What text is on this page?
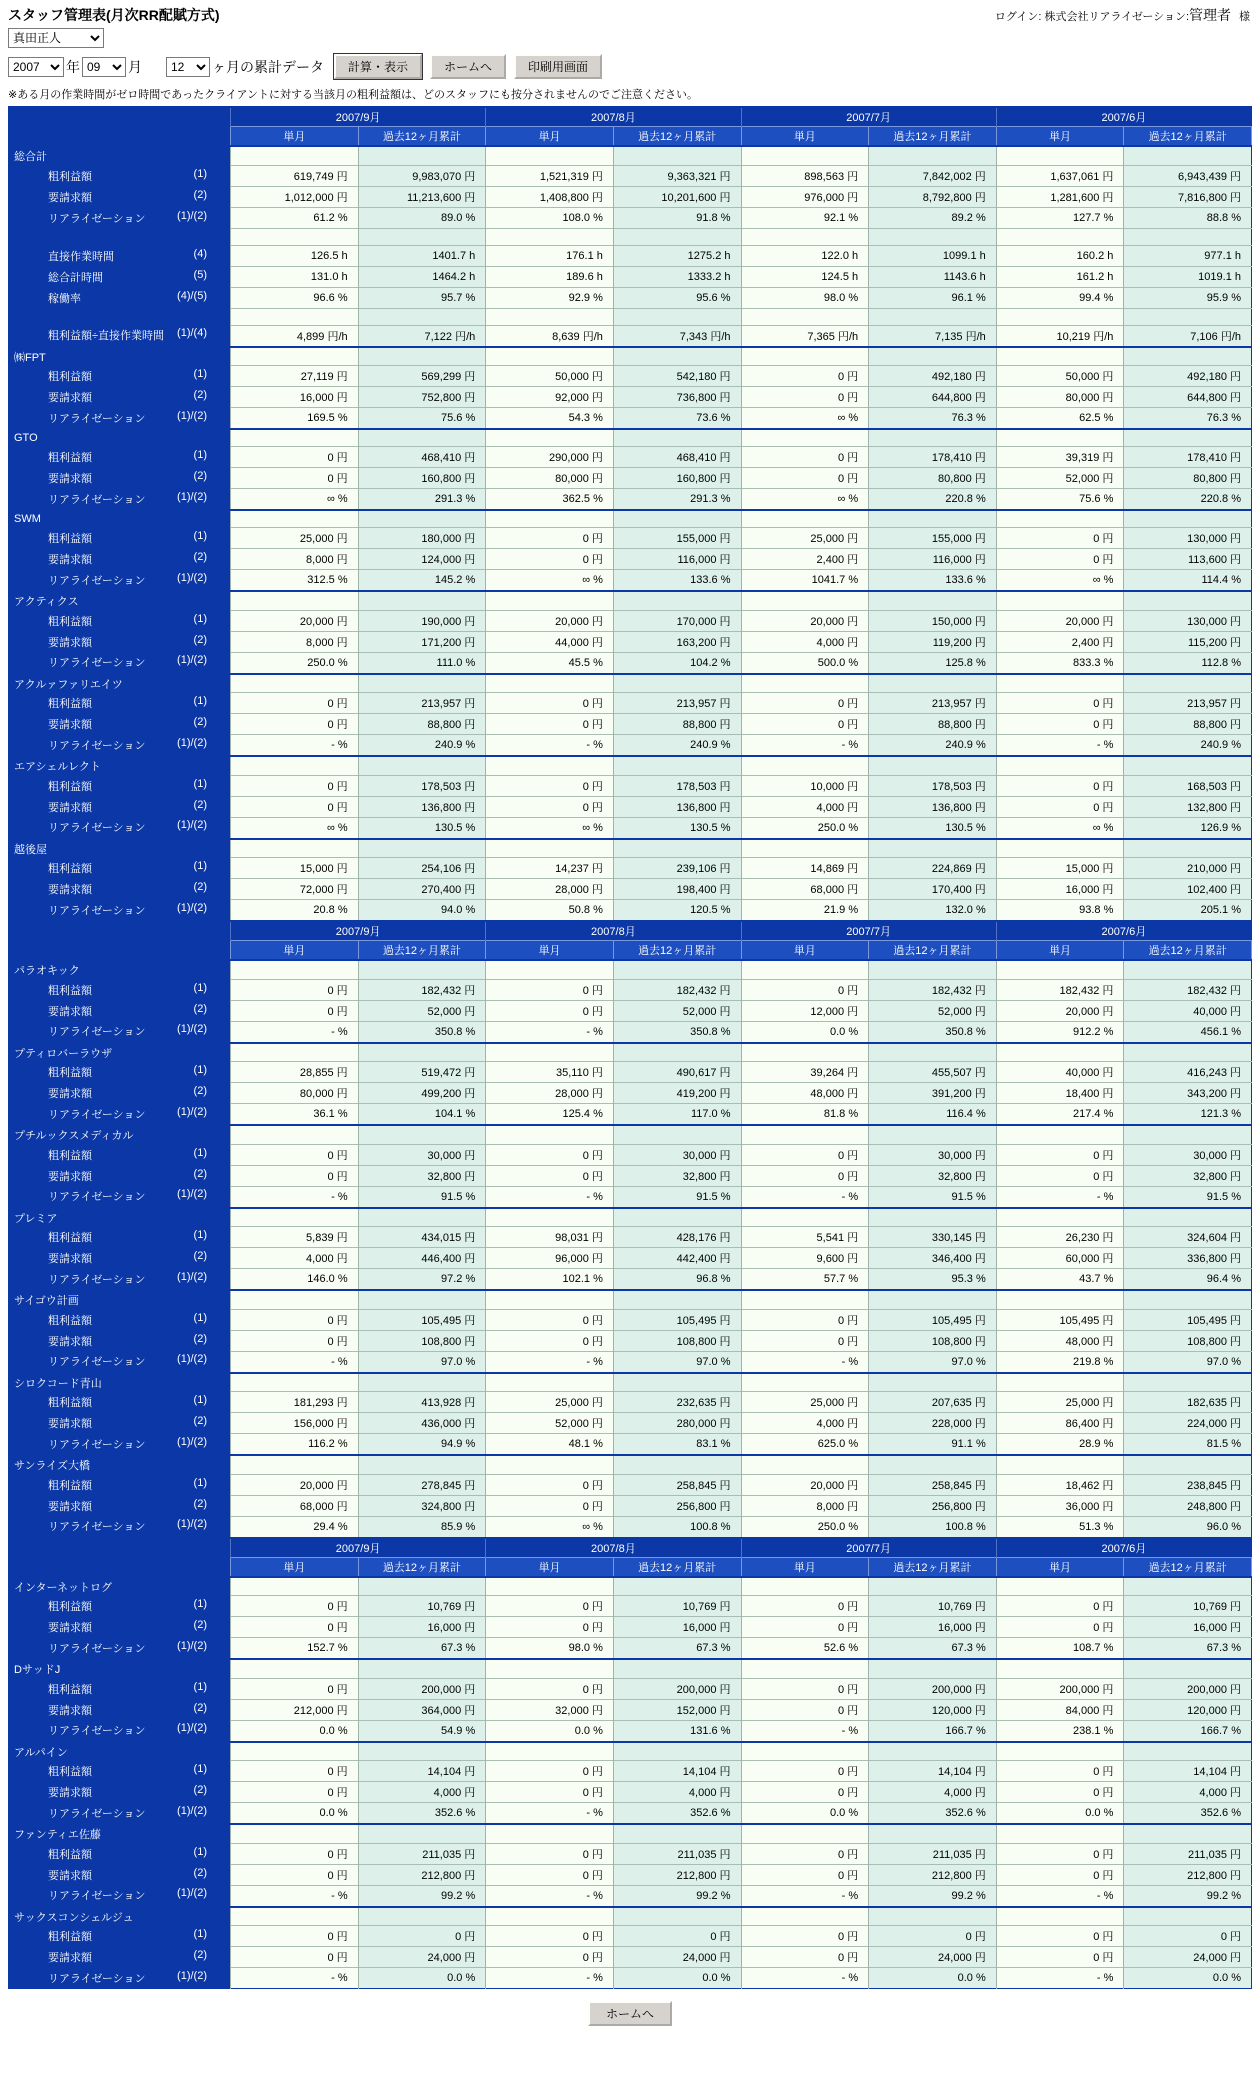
スタッフ管理表(月次RR配賦方式)	ログイン: 株式会社リアライゼーション:管理者 様
真田正人
2007
年
09	月
12	ヶ月の累計データ	計算・表示	ホームへ	印刷用画面
※ある月の作業時間がゼロ時間であったクライアントに対する当該月の粗利益額は、どのスタッフにも按分されませんのでご注意ください。
	2007/9月		2007/8月		2007/7月		2007/6月	
	単月	過去12ヶ月累計	単月	過去12ヶ月累計	単月	過去12ヶ月累計	単月	過去12ヶ月累計
総合計								

粗利益額 (1)	619,749 円	9,983,070 円	1,521,319 円	9,363,321 円	898,563 円	7,842,002 円	1,637,061 円	6,943,439 円

要請求額 (2)	1,012,000 円	11,213,600 円	1,408,800 円	10,201,600 円	976,000 円	8,792,800 円	1,281,600 円	7,816,800 円

リアライゼーション (1)/(2)	61.2 %	89.0 %	108.0 %	91.8 %	92.1 %	89.2 %	127.7 %	88.8 %

直接作業時間 (4)	126.5 h	1401.7 h	176.1 h	1275.2 h	122.0 h	1099.1 h	160.2 h	977.1 h

総合計時間 (5)	131.0 h	1464.2 h	189.6 h	1333.2 h	124.5 h	1143.6 h	161.2 h	1019.1 h

稼働率 (4)/(5)	96.6 %	95.7 %	92.9 %	95.6 %	98.0 %	96.1 %	99.4 %	95.9 %

粗利益額÷直接作業時間 (1)/(4)	4,899 円/h	7,122 円/h	8,639 円/h	7,343 円/h	7,365 円/h	7,135 円/h	10,219 円/h	7,106 円/h
㈱FPT								

粗利益額 (1)	27,119 円	569,299 円	50,000 円	542,180 円	0 円	492,180 円	50,000 円	492,180 円

要請求額 (2)	16,000 円	752,800 円	92,000 円	736,800 円	0 円	644,800 円	80,000 円	644,800 円

リアライゼーション (1)/(2)	169.5 %	75.6 %	54.3 %	73.6 %	∞ %	76.3 %	62.5 %	76.3 %
GTO								

粗利益額 (1)	0 円	468,410 円	290,000 円	468,410 円	0 円	178,410 円	39,319 円	178,410 円

要請求額 (2)	0 円	160,800 円	80,000 円	160,800 円	0 円	80,800 円	52,000 円	80,800 円

リアライゼーション (1)/(2)	∞ %	291.3 %	362.5 %	291.3 %	∞ %	220.8 %	75.6 %	220.8 %
SWM								

粗利益額 (1)	25,000 円	180,000 円	0 円	155,000 円	25,000 円	155,000 円	0 円	130,000 円

要請求額 (2)	8,000 円	124,000 円	0 円	116,000 円	2,400 円	116,000 円	0 円	113,600 円

リアライゼーション (1)/(2)	312.5 %	145.2 %	∞ %	133.6 %	1041.7 %	133.6 %	∞ %	114.4 %
アクティクス								

粗利益額 (1)	20,000 円	190,000 円	20,000 円	170,000 円	20,000 円	150,000 円	20,000 円	130,000 円

要請求額 (2)	8,000 円	171,200 円	44,000 円	163,200 円	4,000 円	119,200 円	2,400 円	115,200 円

リアライゼーション (1)/(2)	250.0 %	111.0 %	45.5 %	104.2 %	500.0 %	125.8 %	833.3 %	112.8 %
アクルァファリエイツ								

粗利益額 (1)	0 円	213,957 円	0 円	213,957 円	0 円	213,957 円	0 円	213,957 円

要請求額 (2)	0 円	88,800 円	0 円	88,800 円	0 円	88,800 円	0 円	88,800 円

リアライゼーション (1)/(2)	- %	240.9 %	- %	240.9 %	- %	240.9 %	- %	240.9 %
エアシェルレクト								

粗利益額 (1)	0 円	178,503 円	0 円	178,503 円	10,000 円	178,503 円	0 円	168,503 円

要請求額 (2)	0 円	136,800 円	0 円	136,800 円	4,000 円	136,800 円	0 円	132,800 円

リアライゼーション (1)/(2)	∞ %	130.5 %	∞ %	130.5 %	250.0 %	130.5 %	∞ %	126.9 %
越後屋								

粗利益額 (1)	15,000 円	254,106 円	14,237 円	239,106 円	14,869 円	224,869 円	15,000 円	210,000 円

要請求額 (2)	72,000 円	270,400 円	28,000 円	198,400 円	68,000 円	170,400 円	16,000 円	102,400 円

リアライゼーション (1)/(2)	20.8 %	94.0 %	50.8 %	120.5 %	21.9 %	132.0 %	93.8 %	205.1 %
	2007/9月		2007/8月		2007/7月		2007/6月	
	単月	過去12ヶ月累計	単月	過去12ヶ月累計	単月	過去12ヶ月累計	単月	過去12ヶ月累計
パラオキック								

粗利益額 (1)	0 円	182,432 円	0 円	182,432 円	0 円	182,432 円	182,432 円	182,432 円

要請求額 (2)	0 円	52,000 円	0 円	52,000 円	12,000 円	52,000 円	20,000 円	40,000 円

リアライゼーション (1)/(2)	- %	350.8 %	- %	350.8 %	0.0 %	350.8 %	912.2 %	456.1 %
プティロバーラウザ								

粗利益額 (1)	28,855 円	519,472 円	35,110 円	490,617 円	39,264 円	455,507 円	40,000 円	416,243 円

要請求額 (2)	80,000 円	499,200 円	28,000 円	419,200 円	48,000 円	391,200 円	18,400 円	343,200 円

リアライゼーション (1)/(2)	36.1 %	104.1 %	125.4 %	117.0 %	81.8 %	116.4 %	217.4 %	121.3 %
プチルックスメディカル								

粗利益額 (1)	0 円	30,000 円	0 円	30,000 円	0 円	30,000 円	0 円	30,000 円

要請求額 (2)	0 円	32,800 円	0 円	32,800 円	0 円	32,800 円	0 円	32,800 円

リアライゼーション (1)/(2)	- %	91.5 %	- %	91.5 %	- %	91.5 %	- %	91.5 %
プレミア								

粗利益額 (1)	5,839 円	434,015 円	98,031 円	428,176 円	5,541 円	330,145 円	26,230 円	324,604 円

要請求額 (2)	4,000 円	446,400 円	96,000 円	442,400 円	9,600 円	346,400 円	60,000 円	336,800 円

リアライゼーション (1)/(2)	146.0 %	97.2 %	102.1 %	96.8 %	57.7 %	95.3 %	43.7 %	96.4 %
サイゴウ計画								

粗利益額 (1)	0 円	105,495 円	0 円	105,495 円	0 円	105,495 円	105,495 円	105,495 円

要請求額 (2)	0 円	108,800 円	0 円	108,800 円	0 円	108,800 円	48,000 円	108,800 円

リアライゼーション (1)/(2)	- %	97.0 %	- %	97.0 %	- %	97.0 %	219.8 %	97.0 %
シロクコード青山								

粗利益額 (1)	181,293 円	413,928 円	25,000 円	232,635 円	25,000 円	207,635 円	25,000 円	182,635 円

要請求額 (2)	156,000 円	436,000 円	52,000 円	280,000 円	4,000 円	228,000 円	86,400 円	224,000 円

リアライゼーション (1)/(2)	116.2 %	94.9 %	48.1 %	83.1 %	625.0 %	91.1 %	28.9 %	81.5 %
サンライズ大橋								

粗利益額 (1)	20,000 円	278,845 円	0 円	258,845 円	20,000 円	258,845 円	18,462 円	238,845 円

要請求額 (2)	68,000 円	324,800 円	0 円	256,800 円	8,000 円	256,800 円	36,000 円	248,800 円

リアライゼーション (1)/(2)	29.4 %	85.9 %	∞ %	100.8 %	250.0 %	100.8 %	51.3 %	96.0 %
	2007/9月		2007/8月		2007/7月		2007/6月	
	単月	過去12ヶ月累計	単月	過去12ヶ月累計	単月	過去12ヶ月累計	単月	過去12ヶ月累計
インターネットログ								

粗利益額 (1)	0 円	10,769 円	0 円	10,769 円	0 円	10,769 円	0 円	10,769 円

要請求額 (2)	0 円	16,000 円	0 円	16,000 円	0 円	16,000 円	0 円	16,000 円

リアライゼーション (1)/(2)	152.7 %	67.3 %	98.0 %	67.3 %	52.6 %	67.3 %	108.7 %	67.3 %
DサッドJ								

粗利益額 (1)	0 円	200,000 円	0 円	200,000 円	0 円	200,000 円	200,000 円	200,000 円

要請求額 (2)	212,000 円	364,000 円	32,000 円	152,000 円	0 円	120,000 円	84,000 円	120,000 円

リアライゼーション (1)/(2)	0.0 %	54.9 %	0.0 %	131.6 %	- %	166.7 %	238.1 %	166.7 %
アルパイン								

粗利益額 (1)	0 円	14,104 円	0 円	14,104 円	0 円	14,104 円	0 円	14,104 円

要請求額 (2)	0 円	4,000 円	0 円	4,000 円	0 円	4,000 円	0 円	4,000 円

リアライゼーション (1)/(2)	0.0 %	352.6 %	- %	352.6 %	0.0 %	352.6 %	0.0 %	352.6 %
ファンティエ佐藤								

粗利益額 (1)	0 円	211,035 円	0 円	211,035 円	0 円	211,035 円	0 円	211,035 円

要請求額 (2)	0 円	212,800 円	0 円	212,800 円	0 円	212,800 円	0 円	212,800 円

リアライゼーション (1)/(2)	- %	99.2 %	- %	99.2 %	- %	99.2 %	- %	99.2 %
サックスコンシェルジュ								

粗利益額 (1)	0 円	0 円	0 円	0 円	0 円	0 円	0 円	0 円

要請求額 (2)	0 円	24,000 円	0 円	24,000 円	0 円	24,000 円	0 円	24,000 円

リアライゼーション (1)/(2)	- %	0.0 %	- %	0.0 %	- %	0.0 %	- %	0.0 %
ホームへ
